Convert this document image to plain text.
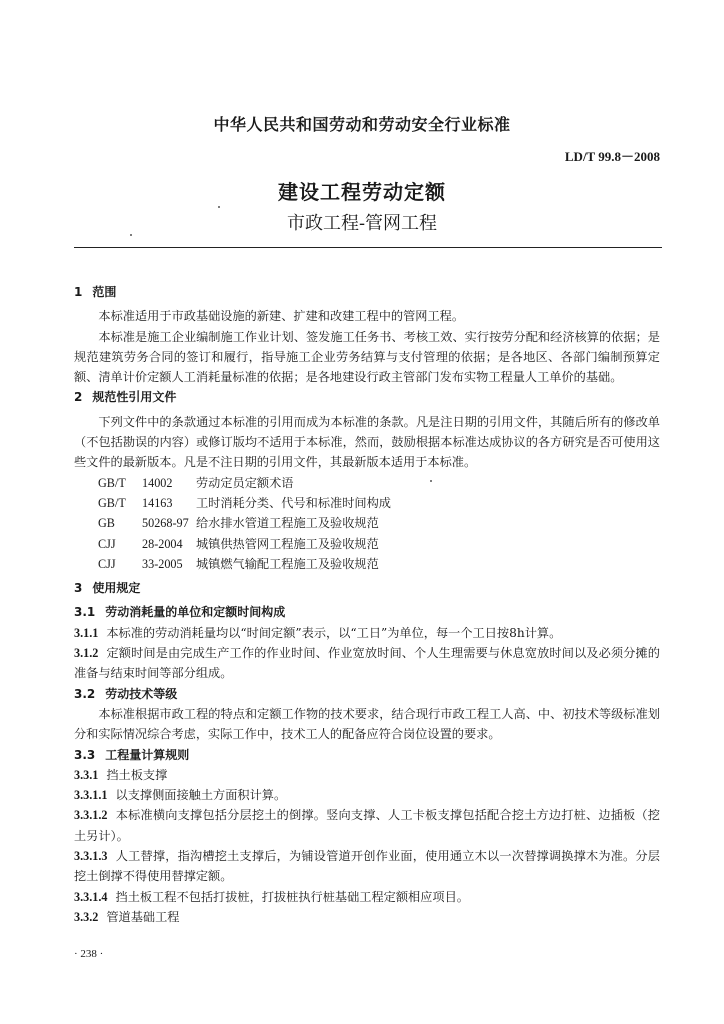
中华人民共和国劳动和劳动安全行业标准
LD/T 99.8－2008
建设工程劳动定额
市政工程-管网工程

1 范围

本标准适用于市政基础设施的新建、扩建和改建工程中的管网工程。

本标准是施工企业编制施工作业计划、签发施工任务书、考核工效、实行按劳分配和经济核算的依据；是规范建筑劳务合同的签订和履行，指导施工企业劳务结算与支付管理的依据；是各地区、各部门编制预算定额、清单计价定额人工消耗量标准的依据；是各地建设行政主管部门发布实物工程量人工单价的基础。

2 规范性引用文件

下列文件中的条款通过本标准的引用而成为本标准的条款。凡是注日期的引用文件，其随后所有的修改单（不包括勘误的内容）或修订版均不适用于本标准，然而，鼓励根据本标准达成协议的各方研究是否可使用这些文件的最新版本。凡是不注日期的引用文件，其最新版本适用于本标准。

GB/T 14002 劳动定员定额术语

GB/T 14163 工时消耗分类、代号和标准时间构成

GB 50268-97 给水排水管道工程施工及验收规范

CJJ 28-2004 城镇供热管网工程施工及验收规范

CJJ 33-2005 城镇燃气输配工程施工及验收规范

3 使用规定

3.1 劳动消耗量的单位和定额时间构成

3.1.1 本标准的劳动消耗量均以“时间定额”表示，以“工日”为单位，每一个工日按8h计算。

3.1.2 定额时间是由完成生产工作的作业时间、作业宽放时间、个人生理需要与休息宽放时间以及必须分摊的准备与结束时间等部分组成。

3.2 劳动技术等级

本标准根据市政工程的特点和定额工作物的技术要求，结合现行市政工程工人高、中、初技术等级标准划分和实际情况综合考虑，实际工作中，技术工人的配备应符合岗位设置的要求。

3.3 工程量计算规则

3.3.1 挡土板支撑

3.3.1.1 以支撑侧面接触土方面积计算。

3.3.1.2 本标准横向支撑包括分层挖土的倒撑。竖向支撑、人工卡板支撑包括配合挖土方边打桩、边插板（挖土另计）。

3.3.1.3 人工替撑，指沟槽挖土支撑后，为铺设管道开创作业面，使用通立木以一次替撑调换撑木为准。分层挖土倒撑不得使用替撑定额。

3.3.1.4 挡土板工程不包括打拔桩，打拔桩执行桩基础工程定额相应项目。

3.3.2 管道基础工程

· 238 ·
